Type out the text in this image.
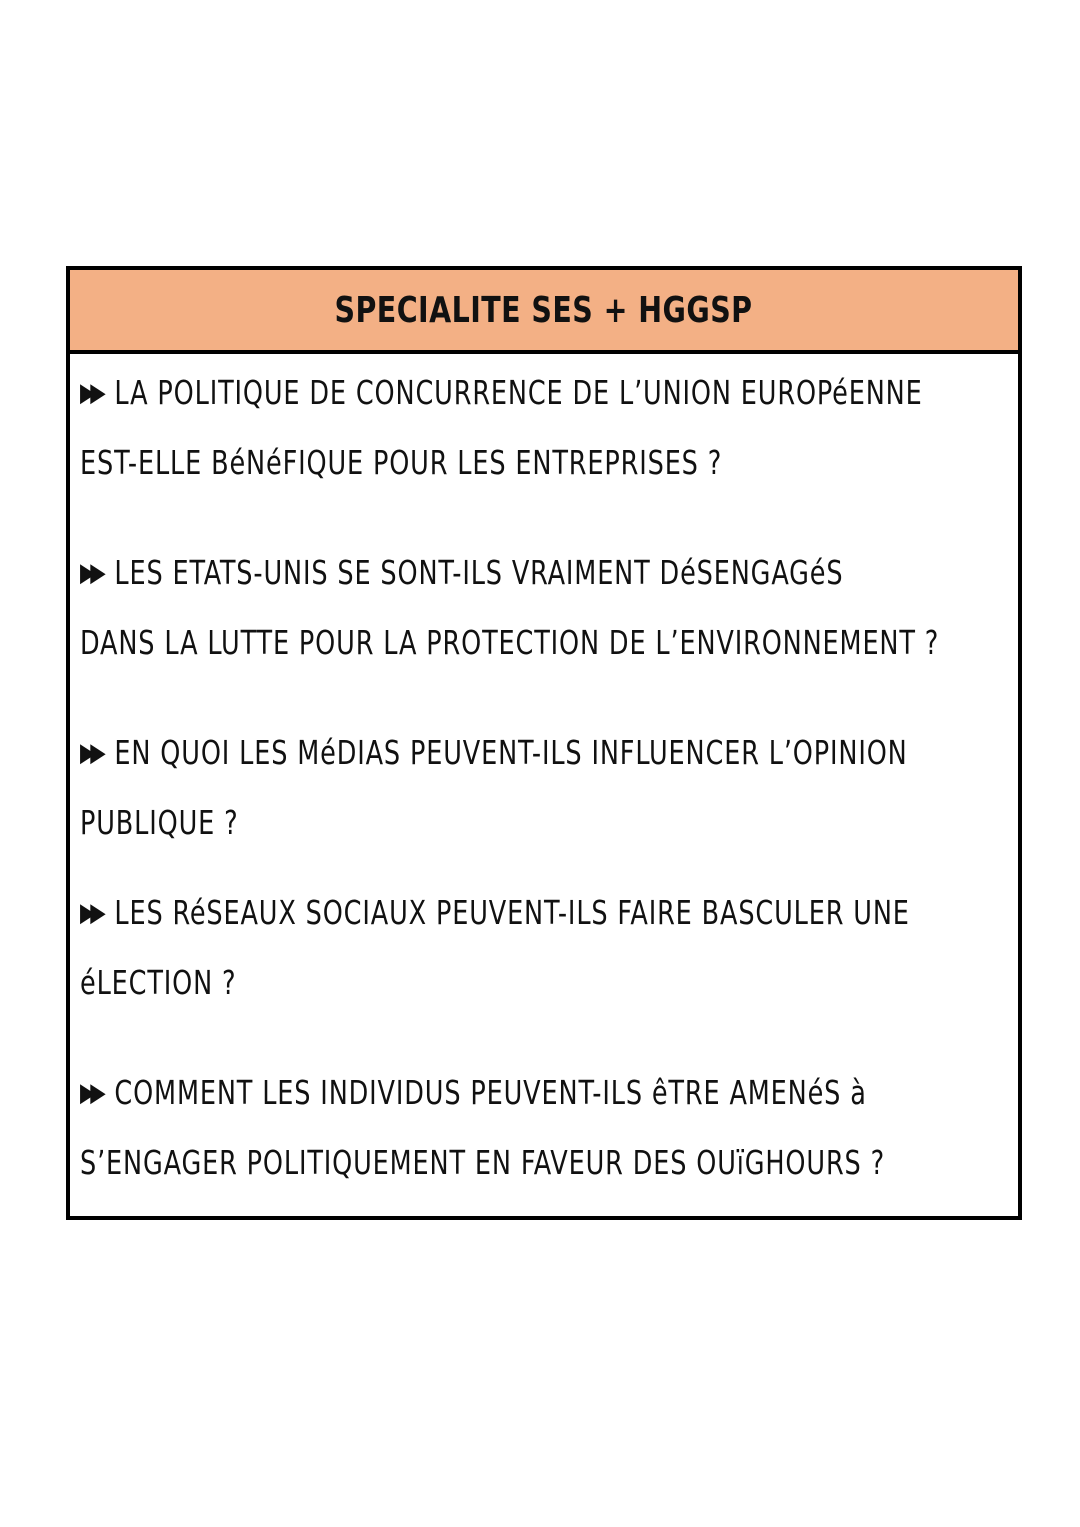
SPECIALITE SES + HGGSP
▶▶ LA POLITIQUE DE CONCURRENCE DE L’UNION EUROPéENNE
EST-ELLE BéNéFIQUE POUR LES ENTREPRISES ?
▶▶ LES ETATS-UNIS SE SONT-ILS VRAIMENT DéSENGAGéS
DANS LA LUTTE POUR LA PROTECTION DE L’ENVIRONNEMENT ?
▶▶ EN QUOI LES MéDIAS PEUVENT-ILS INFLUENCER L’OPINION
PUBLIQUE ?
▶▶ LES RéSEAUX SOCIAUX PEUVENT-ILS FAIRE BASCULER UNE
éLECTION ?
▶▶ COMMENT LES INDIVIDUS PEUVENT-ILS êTRE AMENéS à
S’ENGAGER POLITIQUEMENT EN FAVEUR DES OUïGHOURS ?
